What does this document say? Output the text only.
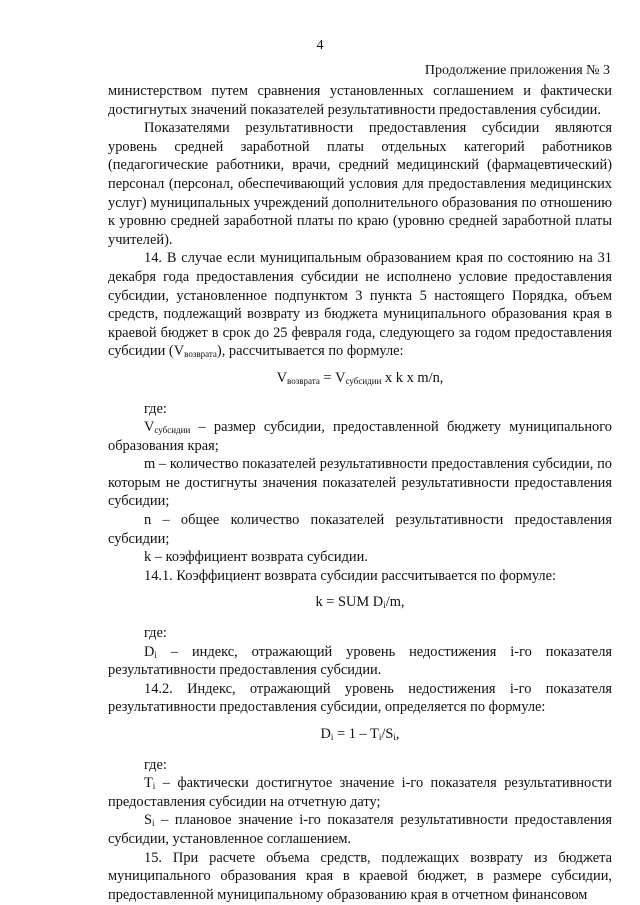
4
Продолжение приложения № 3

министерством путем сравнения установленных соглашением и фактически достигнутых значений показателей результативности предоставления субсидии.

Показателями результативности предоставления субсидии являются уровень средней заработной платы отдельных категорий работников (педагогические работники, врачи, средний медицинский (фармацевтический) персонал (персонал, обеспечивающий условия для предоставления медицинских услуг) муниципальных учреждений дополнительного образования по отношению к уровню средней заработной платы по краю (уровню средней заработной платы учителей).

14. В случае если муниципальным образованием края по состоянию на 31 декабря года предоставления субсидии не исполнено условие предоставления субсидии, установленное подпунктом 3 пункта 5 настоящего Порядка, объем средств, подлежащий возврату из бюджета муниципального образования края в краевой бюджет в срок до 25 февраля года, следующего за годом предоставления субсидии $(V_{возврата})$, рассчитывается по формуле:

$V_{возврата} = V_{субсидии}$ x k x m/n,

где:

$V_{субсидии}$ – размер субсидии, предоставленной бюджету муниципального образования края;

m – количество показателей результативности предоставления субсидии, по которым не достигнуты значения показателей результативности предоставления субсидии;

n – общее количество показателей результативности предоставления субсидии;

k – коэффициент возврата субсидии.

14.1. Коэффициент возврата субсидии рассчитывается по формуле:

k = SUM $D_i/m$,

где:

$D_i$ – индекс, отражающий уровень недостижения i-го показателя результативности предоставления субсидии.

14.2. Индекс, отражающий уровень недостижения i-го показателя результативности предоставления субсидии, определяется по формуле:

$D_i = 1 - T_i/S_i$,

где:

$T_i$ – фактически достигнутое значение i-го показателя результативности предоставления субсидии на отчетную дату;

$S_i$ – плановое значение i-го показателя результативности предоставления субсидии, установленное соглашением.

15. При расчете объема средств, подлежащих возврату из бюджета муниципального образования края в краевой бюджет, в размере субсидии, предоставленной муниципальному образованию края в отчетном финансовом
